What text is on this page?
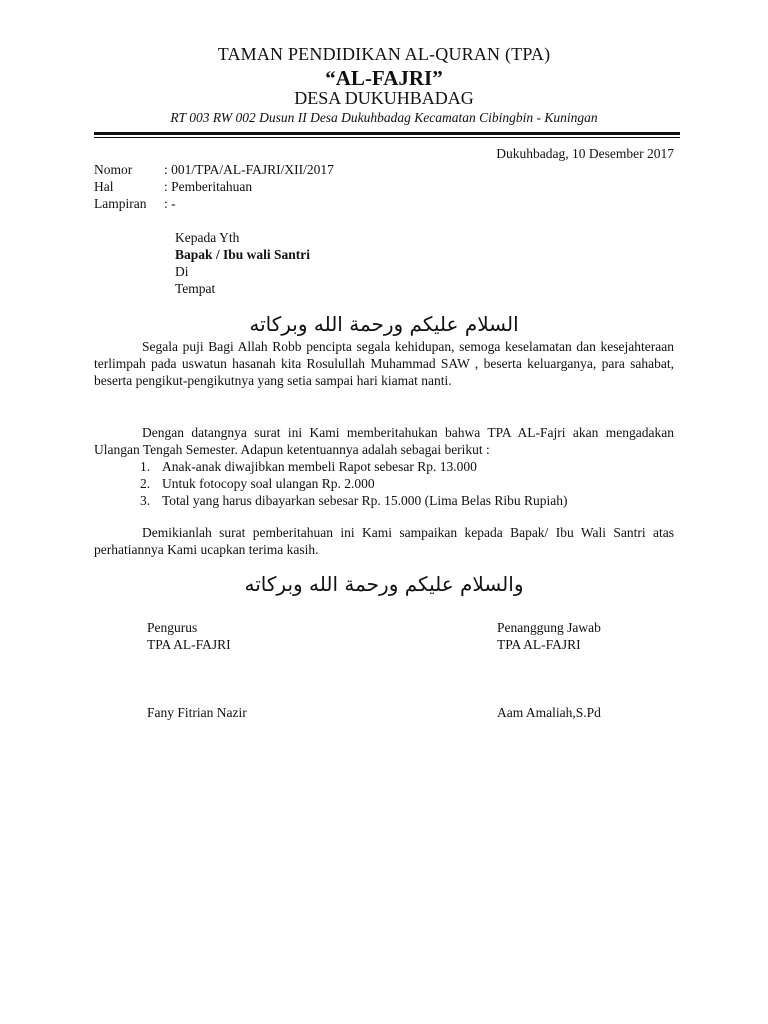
TAMAN PENDIDIKAN AL-QURAN (TPA)
“AL-FAJRI”
DESA DUKUHBADAG
RT 003 RW 002 Dusun II Desa Dukuhbadag Kecamatan Cibingbin - Kuningan
Dukuhbadag, 10 Desember 2017
Nomor : 001/TPA/AL-FAJRI/XII/2017
Hal	: Pemberitahuan
Lampiran : -
Kepada Yth
Bapak / Ibu wali Santri
Di
Tempat
السلام عليكم ورحمة الله وبركاته
Segala puji Bagi Allah Robb pencipta segala kehidupan, semoga keselamatan dan kesejahteraan terlimpah pada uswatun hasanah kita Rosulullah Muhammad SAW , beserta keluarganya, para sahabat, beserta pengikut-pengikutnya yang setia sampai hari kiamat nanti.
Dengan datangnya surat ini Kami memberitahukan bahwa TPA AL-Fajri akan mengadakan Ulangan Tengah Semester. Adapun ketentuannya adalah sebagai berikut :
1. Anak-anak diwajibkan membeli Rapot sebesar Rp. 13.000
2. Untuk fotocopy soal ulangan Rp. 2.000
3. Total yang harus dibayarkan sebesar Rp. 15.000 (Lima Belas Ribu Rupiah)
Demikianlah surat pemberitahuan ini Kami sampaikan kepada Bapak/ Ibu Wali Santri atas perhatiannya Kami ucapkan terima kasih.
والسلام عليكم ورحمة الله وبركاته
Pengurus
TPA AL-FAJRI
Fany Fitrian Nazir
Penanggung Jawab
TPA AL-FAJRI
Aam Amaliah,S.Pd
